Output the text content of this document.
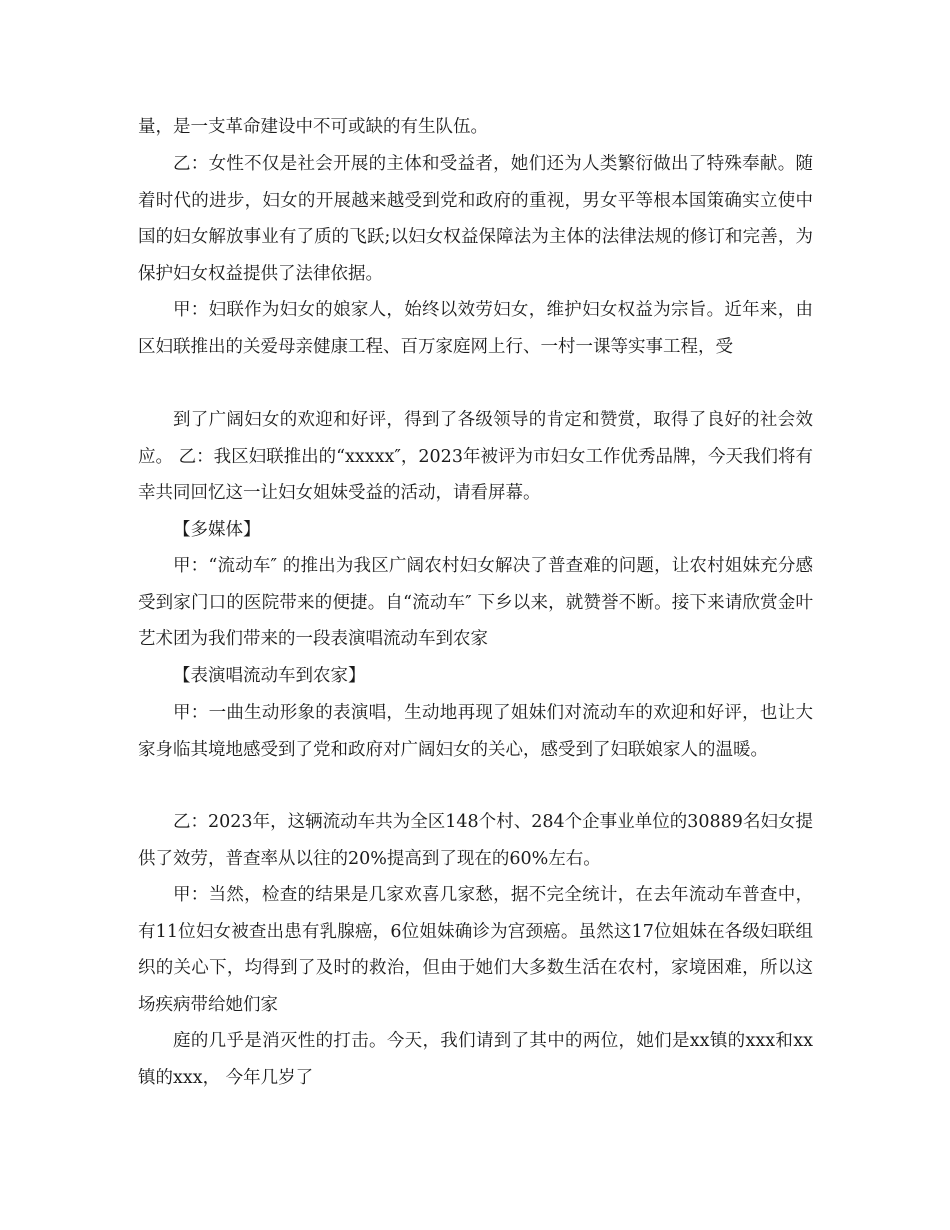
量，是一支革命建设中不可或缺的有生队伍。

乙：女性不仅是社会开展的主体和受益者，她们还为人类繁衍做出了特殊奉献。随着时代的进步，妇女的开展越来越受到党和政府的重视，男女平等根本国策确实立使中国的妇女解放事业有了质的飞跃;以妇女权益保障法为主体的法律法规的修订和完善，为保护妇女权益提供了法律依据。

甲：妇联作为妇女的娘家人，始终以效劳妇女，维护妇女权益为宗旨。近年来，由区妇联推出的关爱母亲健康工程、百万家庭网上行、一村一课等实事工程，受

到了广阔妇女的欢迎和好评，得到了各级领导的肯定和赞赏，取得了良好的社会效应。 乙：我区妇联推出的“xxxxx″，2023年被评为市妇女工作优秀品牌，今天我们将有幸共同回忆这一让妇女姐妹受益的活动，请看屏幕。

【多媒体】

甲：“流动车″ 的推出为我区广阔农村妇女解决了普查难的问题，让农村姐妹充分感受到家门口的医院带来的便捷。自“流动车″ 下乡以来，就赞誉不断。接下来请欣赏金叶艺术团为我们带来的一段表演唱流动车到农家

【表演唱流动车到农家】

甲：一曲生动形象的表演唱，生动地再现了姐妹们对流动车的欢迎和好评，也让大家身临其境地感受到了党和政府对广阔妇女的关心，感受到了妇联娘家人的温暖。

乙：2023年，这辆流动车共为全区148个村、284个企事业单位的30889名妇女提供了效劳，普查率从以往的20%提高到了现在的60%左右。

甲：当然，检查的结果是几家欢喜几家愁，据不完全统计，在去年流动车普查中，有11位妇女被查出患有乳腺癌，6位姐妹确诊为宫颈癌。虽然这17位姐妹在各级妇联组织的关心下，均得到了及时的救治，但由于她们大多数生活在农村，家境困难，所以这场疾病带给她们家

庭的几乎是消灭性的打击。今天，我们请到了其中的两位，她们是xx镇的xxx和xx镇的xxx， 今年几岁了
